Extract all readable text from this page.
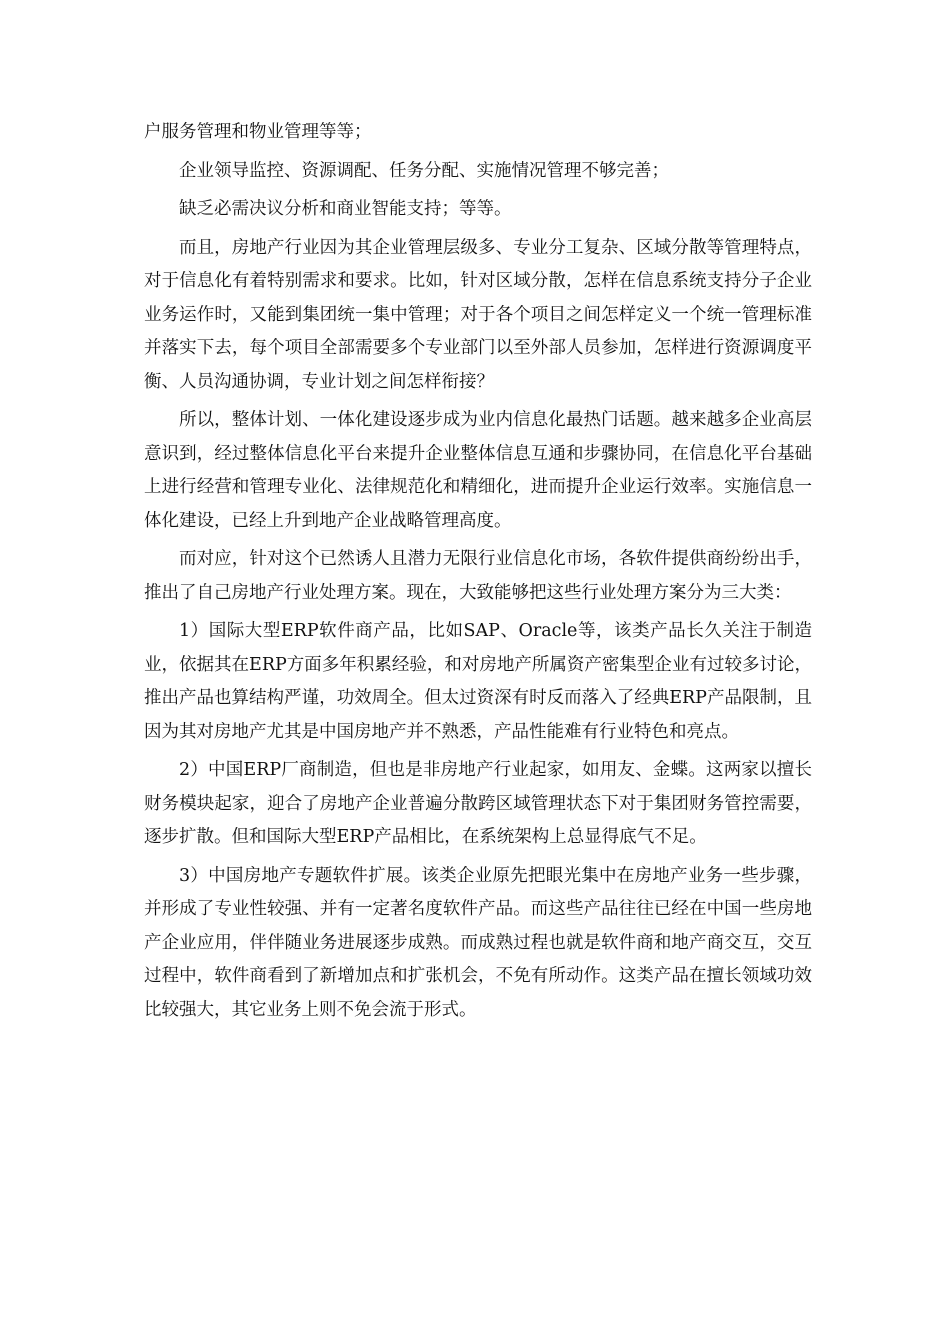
户服务管理和物业管理等等；

企业领导监控、资源调配、任务分配、实施情况管理不够完善；

缺乏必需决议分析和商业智能支持；等等。

而且，房地产行业因为其企业管理层级多、专业分工复杂、区域分散等管理特点，对于信息化有着特别需求和要求。比如，针对区域分散，怎样在信息系统支持分子企业业务运作时，又能到集团统一集中管理；对于各个项目之间怎样定义一个统一管理标准并落实下去，每个项目全部需要多个专业部门以至外部人员参加，怎样进行资源调度平衡、人员沟通协调，专业计划之间怎样衔接？

所以，整体计划、一体化建设逐步成为业内信息化最热门话题。越来越多企业高层意识到，经过整体信息化平台来提升企业整体信息互通和步骤协同，在信息化平台基础上进行经营和管理专业化、法律规范化和精细化，进而提升企业运行效率。实施信息一体化建设，已经上升到地产企业战略管理高度。

而对应，针对这个已然诱人且潜力无限行业信息化市场，各软件提供商纷纷出手，推出了自己房地产行业处理方案。现在，大致能够把这些行业处理方案分为三大类：

1）国际大型ERP软件商产品，比如SAP、Oracle等，该类产品长久关注于制造业，依据其在ERP方面多年积累经验，和对房地产所属资产密集型企业有过较多讨论，推出产品也算结构严谨，功效周全。但太过资深有时反而落入了经典ERP产品限制，且因为其对房地产尤其是中国房地产并不熟悉，产品性能难有行业特色和亮点。

2）中国ERP厂商制造，但也是非房地产行业起家，如用友、金蝶。这两家以擅长财务模块起家，迎合了房地产企业普遍分散跨区域管理状态下对于集团财务管控需要，逐步扩散。但和国际大型ERP产品相比，在系统架构上总显得底气不足。

3）中国房地产专题软件扩展。该类企业原先把眼光集中在房地产业务一些步骤，并形成了专业性较强、并有一定著名度软件产品。而这些产品往往已经在中国一些房地产企业应用，伴伴随业务进展逐步成熟。而成熟过程也就是软件商和地产商交互，交互过程中，软件商看到了新增加点和扩张机会，不免有所动作。这类产品在擅长领域功效比较强大，其它业务上则不免会流于形式。
